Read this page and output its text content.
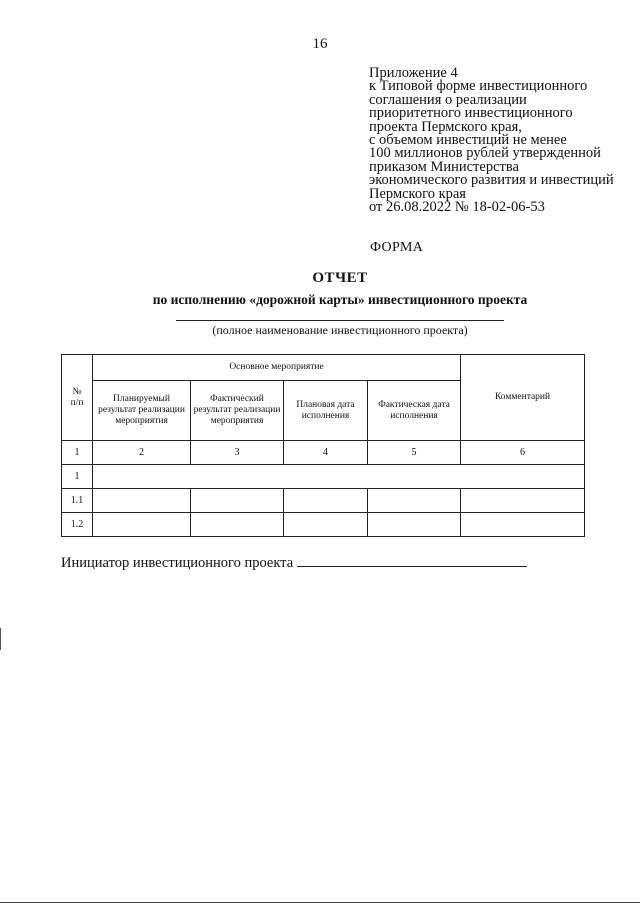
16
Приложение 4
к Типовой форме инвестиционного
соглашения о реализации
приоритетного инвестиционного
проекта Пермского края,
с объемом инвестиций не менее
100 миллионов рублей утвержденной
приказом Министерства
экономического развития и инвестиций
Пермского края
от 26.08.2022 № 18-02-06-53
ФОРМА
ОТЧЕТ
по исполнению «дорожной карты» инвестиционного проекта
(полное наименование инвестиционного проекта)
№
п/п	Основное мероприятие				Комментарий
	Планируемый результат реализации мероприятия	Фактический результат реализации мероприятия	Плановая дата исполнения	Фактическая дата исполнения	
1	2	3	4	5	6
1					
1.1					
1.2					
Инициатор инвестиционного проекта
